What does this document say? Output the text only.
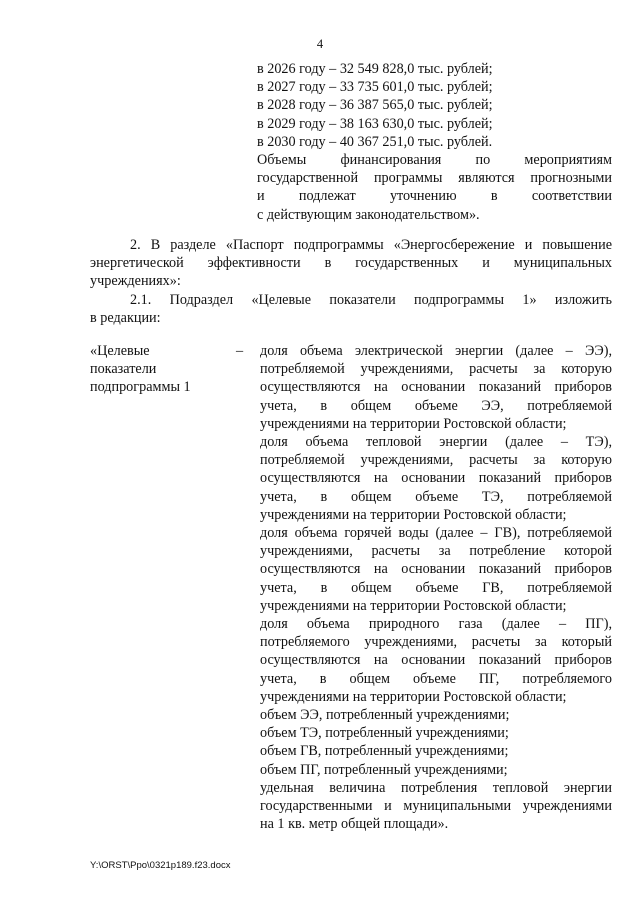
4
в 2026 году – 32 549 828,0 тыс. рублей;
в 2027 году – 33 735 601,0 тыс. рублей;
в 2028 году – 36 387 565,0 тыс. рублей;
в 2029 году – 38 163 630,0 тыс. рублей;
в 2030 году – 40 367 251,0 тыс. рублей.
Объемы финансирования по мероприятиям
государственной программы являются прогнозными
и подлежат уточнению в соответствии
с действующим законодательством».
2. В разделе «Паспорт подпрограммы «Энергосбережение и повышение
энергетической эффективности в государственных и муниципальных
учреждениях»:
2.1. Подраздел «Целевые показатели подпрограммы 1» изложить
в редакции:
«Целевые
показатели
подпрограммы 1
– доля объема электрической энергии (далее – ЭЭ),
потребляемой учреждениями, расчеты за которую
осуществляются на основании показаний приборов
учета, в общем объеме ЭЭ, потребляемой
учреждениями на территории Ростовской области;
доля объема тепловой энергии (далее – ТЭ),
потребляемой учреждениями, расчеты за которую
осуществляются на основании показаний приборов
учета, в общем объеме ТЭ, потребляемой
учреждениями на территории Ростовской области;
доля объема горячей воды (далее – ГВ), потребляемой
учреждениями, расчеты за потребление которой
осуществляются на основании показаний приборов
учета, в общем объеме ГВ, потребляемой
учреждениями на территории Ростовской области;
доля объема природного газа (далее – ПГ),
потребляемого учреждениями, расчеты за который
осуществляются на основании показаний приборов
учета, в общем объеме ПГ, потребляемого
учреждениями на территории Ростовской области;
объем ЭЭ, потребленный учреждениями;
объем ТЭ, потребленный учреждениями;
объем ГВ, потребленный учреждениями;
объем ПГ, потребленный учреждениями;
удельная величина потребления тепловой энергии
государственными и муниципальными учреждениями
на 1 кв. метр общей площади».
Y:\ORST\Ppo\0321p189.f23.docx
